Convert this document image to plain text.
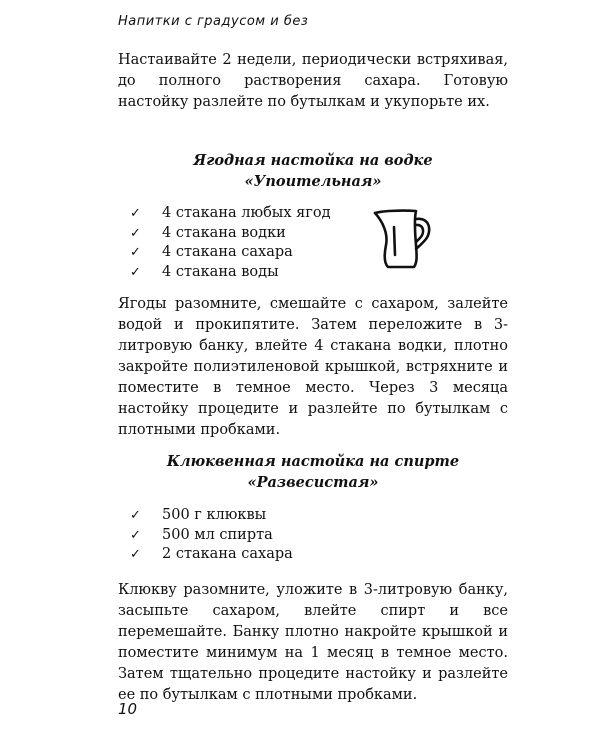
Напитки с градусом и без

Настаивайте 2 недели, периодически встряхивая, до полного растворения сахара. Готовую настойку разлейте по бутылкам и укупорьте их.

Ягодная настойка на водке
«Упоительная»
✓ 4 стакана любых ягод
✓ 4 стакана водки
✓ 4 стакана сахара
✓ 4 стакана воды

Ягоды разомните, смешайте с сахаром, залейте водой и прокипятите. Затем переложите в 3-литровую банку, влейте 4 стакана водки, плотно закройте полиэтиленовой крышкой, встряхните и поместите в темное место. Через 3 месяца настойку процедите и разлейте по бутылкам с плотными пробками.

Клюквенная настойка на спирте
«Развесистая»
✓ 500 г клюквы
✓ 500 мл спирта
✓ 2 стакана сахара

Клюкву разомните, уложите в 3-литровую банку, засыпьте сахаром, влейте спирт и все перемешайте. Банку плотно накройте крышкой и поместите минимум на 1 месяц в темное место. Затем тщательно процедите настойку и разлейте ее по бутылкам с плотными пробками.

10
